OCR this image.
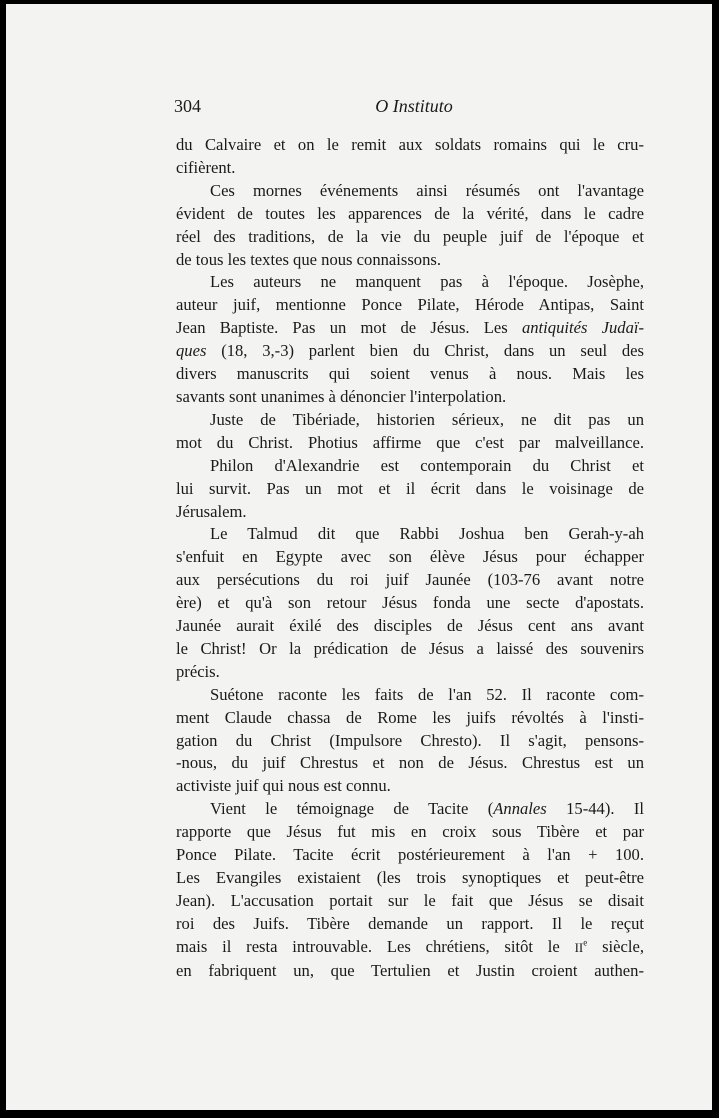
304	O Instituto

du Calvaire et on le remit aux soldats romains qui le cru-
cifièrent.

Ces mornes événements ainsi résumés ont l'avantage
évident de toutes les apparences de la vérité, dans le cadre
réel des traditions, de la vie du peuple juif de l'époque et
de tous les textes que nous connaissons.

Les auteurs ne manquent pas à l'époque. Josèphe,
auteur juif, mentionne Ponce Pilate, Hérode Antipas, Saint
Jean Baptiste. Pas un mot de Jésus. Les antiquités Judaï-
ques (18, 3,-3) parlent bien du Christ, dans un seul des
divers manuscrits qui soient venus à nous. Mais les
savants sont unanimes à dénoncier l'interpolation.

Juste de Tibériade, historien sérieux, ne dit pas un
mot du Christ. Photius affirme que c'est par malveillance.

Philon d'Alexandrie est contemporain du Christ et
lui survit. Pas un mot et il écrit dans le voisinage de
Jérusalem.

Le Talmud dit que Rabbi Joshua ben Gerah-y-ah
s'enfuit en Egypte avec son élève Jésus pour échapper
aux persécutions du roi juif Jaunée (103-76 avant notre
ère) et qu'à son retour Jésus fonda une secte d'apostats.
Jaunée aurait éxilé des disciples de Jésus cent ans avant
le Christ! Or la prédication de Jésus a laissé des souvenirs
précis.

Suétone raconte les faits de l'an 52. Il raconte com-
ment Claude chassa de Rome les juifs révoltés à l'insti-
gation du Christ (Impulsore Chresto). Il s'agit, pensons-
-nous, du juif Chrestus et non de Jésus. Chrestus est un
activiste juif qui nous est connu.

Vient le témoignage de Tacite (Annales 15-44). Il
rapporte que Jésus fut mis en croix sous Tibère et par
Ponce Pilate. Tacite écrit postérieurement à l'an + 100.
Les Evangiles existaient (les trois synoptiques et peut-être
Jean). L'accusation portait sur le fait que Jésus se disait
roi des Juifs. Tibère demande un rapport. Il le reçut
mais il resta introuvable. Les chrétiens, sitôt le IIe siècle,
en fabriquent un, que Tertulien et Justin croient authen-
